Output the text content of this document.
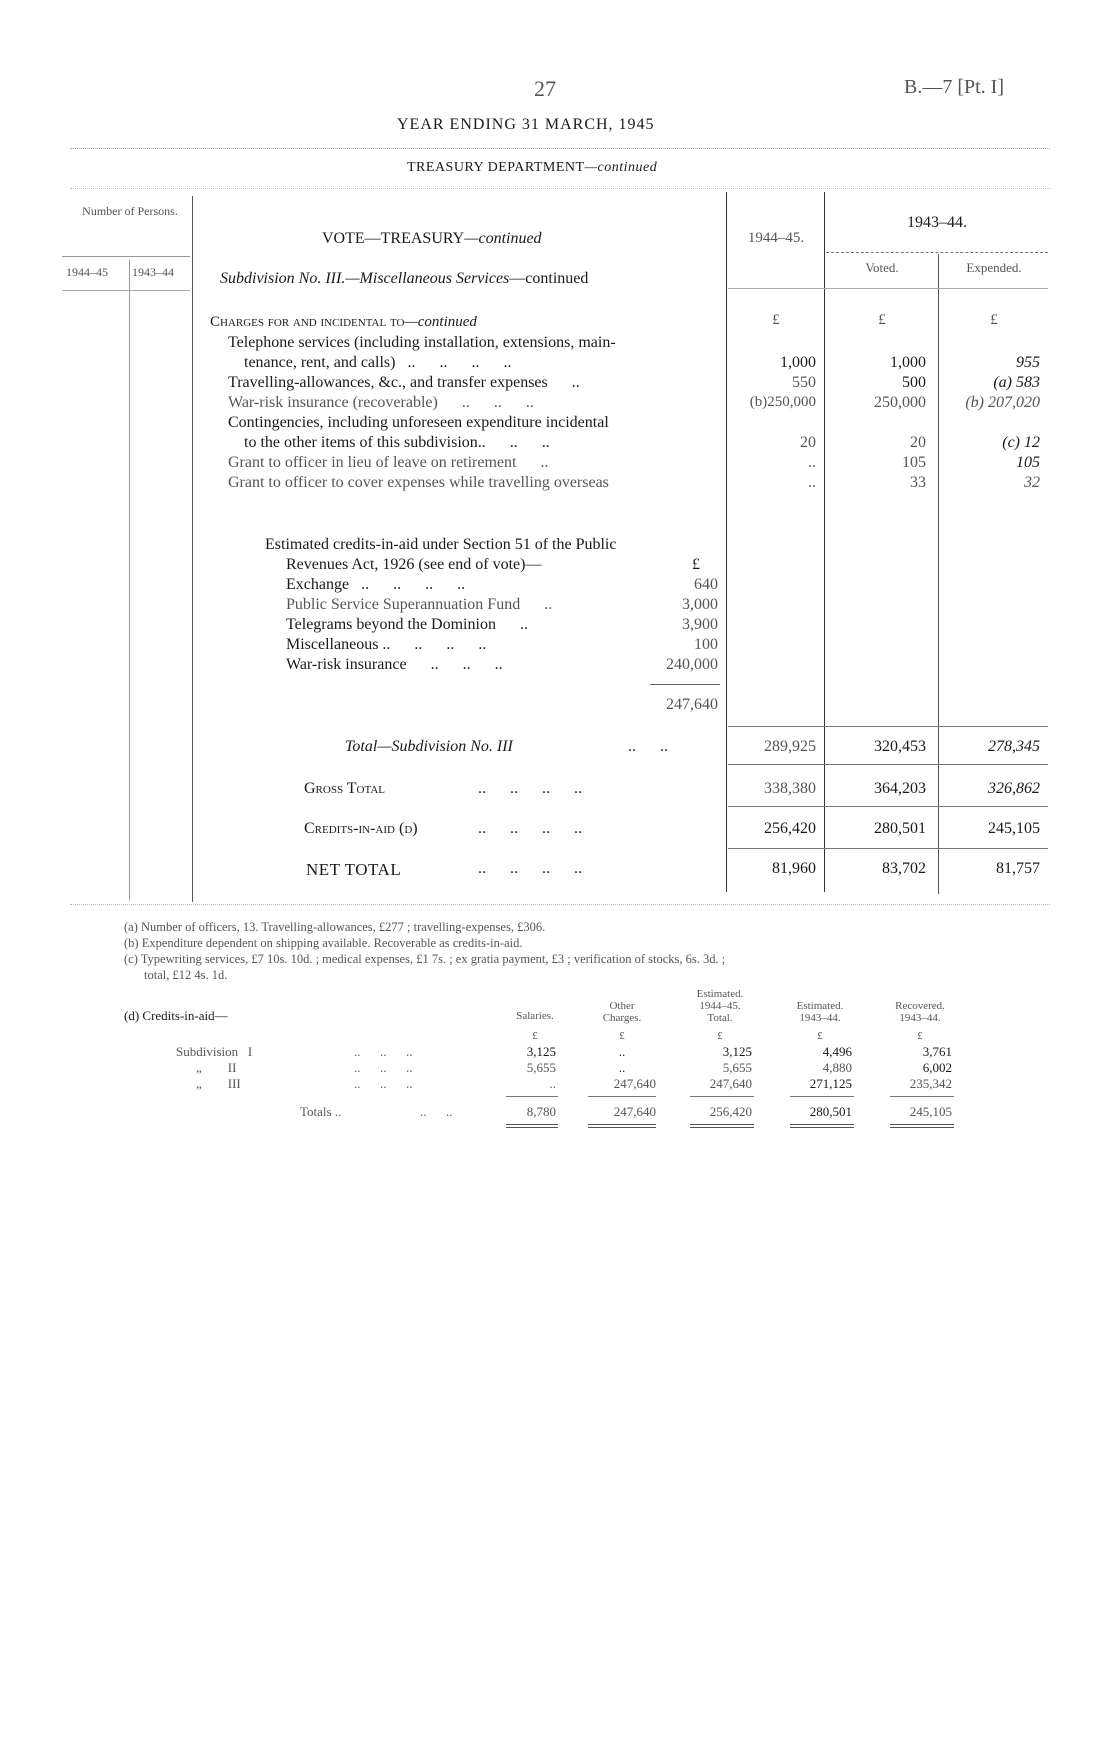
27	B.—7 [Pt. I]
YEAR ENDING 31 MARCH, 1945
TREASURY DEPARTMENT—continued
Number of Persons.
1944–45 1943–44
1944–45.
1943–44.
Voted.	Expended.
VOTE—TREASURY—continued
Subdivision No. III.—Miscellaneous Services—continued
£	£	£
Charges for and incidental to—continued
Telephone services (including installation, extensions, main-
tenance, rent, and calls)   ..      ..      ..      ..	1,000	1,000	955
Travelling-allowances, &c., and transfer expenses      ..	550	500	(a) 583
War-risk insurance (recoverable)      ..      ..      ..	(b)250,000	250,000	(b) 207,020
Contingencies, including unforeseen expenditure incidental
to the other items of this subdivision..      ..      ..	20	20	(c) 12
Grant to officer in lieu of leave on retirement      ..	..	105	105
Grant to officer to cover expenses while travelling overseas	..	33	32
Estimated credits-in-aid under Section 51 of the Public
Revenues Act, 1926 (see end of vote)—	£
Exchange   ..      ..      ..      ..	640
Public Service Superannuation Fund      ..	3,000
Telegrams beyond the Dominion      ..	3,900
Miscellaneous ..      ..      ..      ..	100
War-risk insurance      ..      ..      ..	240,000
247,640
Total—Subdivision No. III	..      ..	289,925	320,453	278,345
Gross Total	..      ..      ..      ..	338,380	364,203	326,862
Credits-in-aid (d)	..      ..      ..      ..	256,420	280,501	245,105
NET TOTAL	..      ..      ..      ..	81,960	83,702	81,757
(a) Number of officers, 13. Travelling-allowances, £277 ; travelling-expenses, £306.
(b) Expenditure dependent on shipping available. Recoverable as credits-in-aid.
(c) Typewriting services, £7 10s. 10d. ; medical expenses, £1 7s. ; ex gratia payment, £3 ; verification of stocks, 6s. 3d. ;
total, £12 4s. 1d.
(d) Credits-in-aid—	Salaries.
Other
Charges.
Estimated.
1944–45.
Total.
Estimated.
1943–44.
Recovered.
1943–44.
£	£	£	£	£
Subdivision   I	..      ..      ..	3,125	..	3,125	4,496	3,761
„        II	..      ..      ..	5,655	..	5,655	4,880	6,002
„        III	..      ..      ..	..	247,640	247,640	271,125	235,342
Totals ..	..      ..	8,780	247,640	256,420	280,501	245,105
